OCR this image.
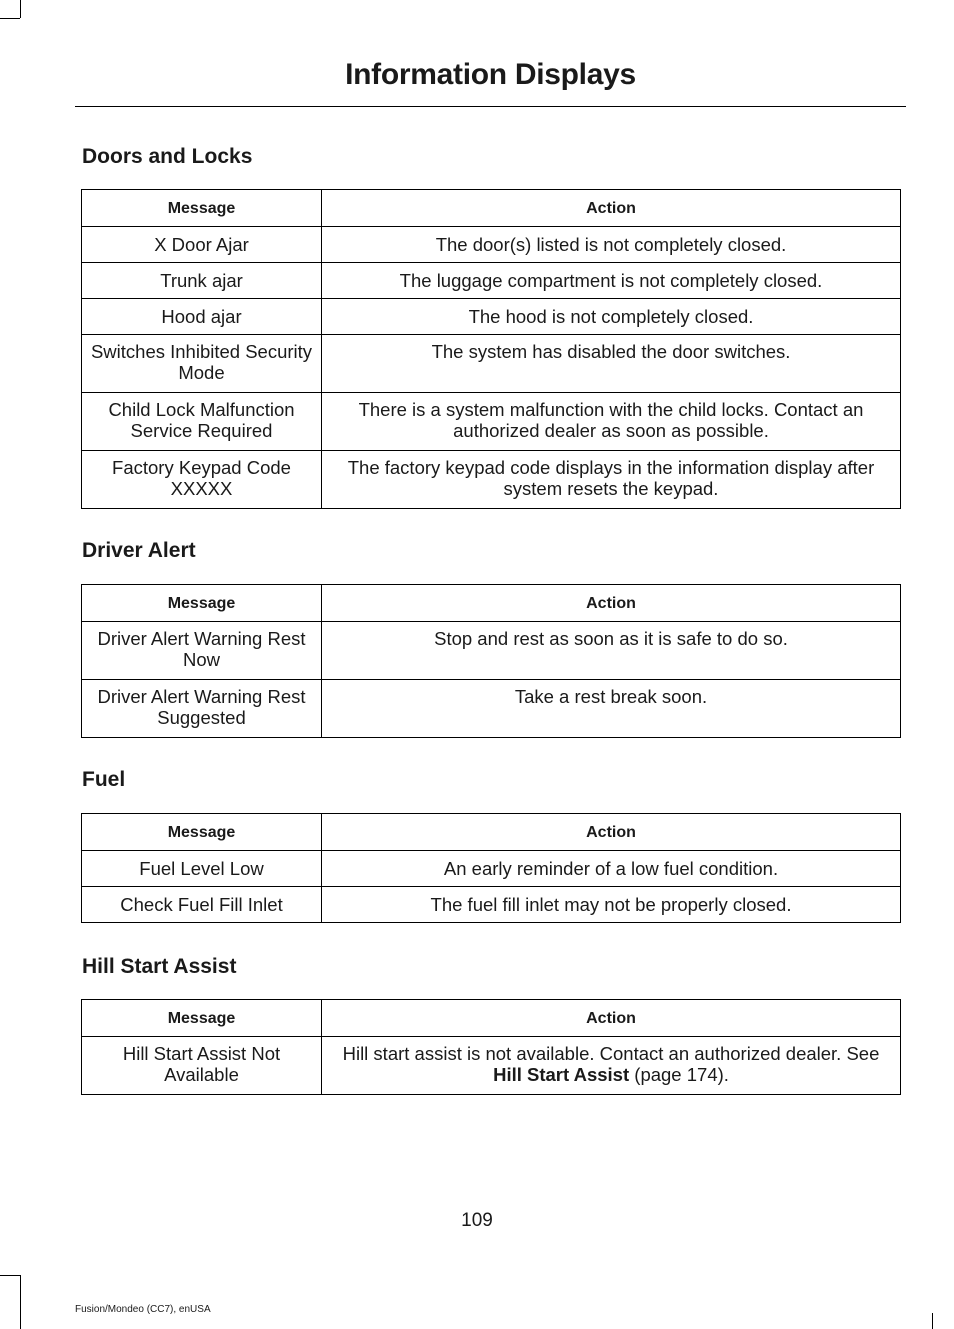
Information Displays
Doors and Locks
Message	Action
X Door Ajar	The door(s) listed is not completely closed.
Trunk ajar	The luggage compartment is not completely closed.
Hood ajar	The hood is not completely closed.
Switches Inhibited Security Mode	The system has disabled the door switches.
Child Lock Malfunction Service Required	There is a system malfunction with the child locks. Contact an authorized dealer as soon as possible.
Factory Keypad Code XXXXX	The factory keypad code displays in the information display after system resets the keypad.
Driver Alert
Message	Action
Driver Alert Warning Rest Now	Stop and rest as soon as it is safe to do so.
Driver Alert Warning Rest Suggested	Take a rest break soon.
Fuel
Message	Action
Fuel Level Low	An early reminder of a low fuel condition.
Check Fuel Fill Inlet	The fuel fill inlet may not be properly closed.
Hill Start Assist
Message	Action
Hill Start Assist Not Available	Hill start assist is not available. Contact an authorized dealer. See Hill Start Assist (page 174).
109
Fusion/Mondeo (CC7), enUSA
